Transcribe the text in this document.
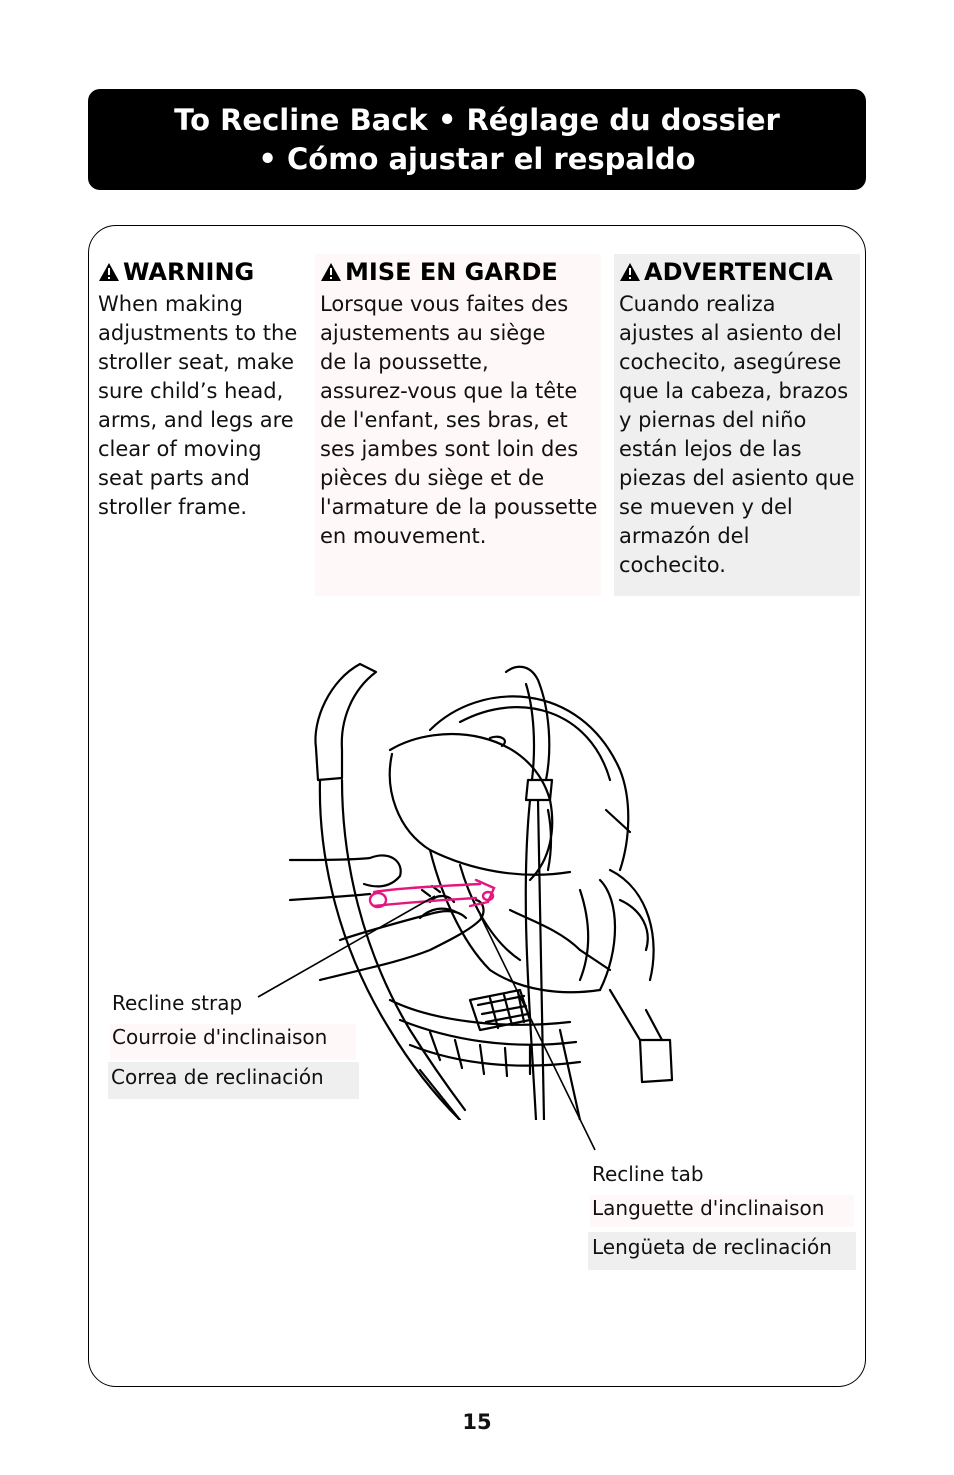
To Recline Back • Réglage du dossier
• Cómo ajustar el respaldo
WARNING
When making
adjustments to the
stroller seat, make
sure child’s head,
arms, and legs are
clear of moving
seat parts and
stroller frame.
MISE EN GARDE
Lorsque vous faites des
ajustements au siège
de la poussette,
assurez-vous que la tête
de l'enfant, ses bras, et
ses jambes sont loin des
pièces du siège et de
l'armature de la poussette
en mouvement.
ADVERTENCIA
Cuando realiza
ajustes al asiento del
cochecito, asegúrese
que la cabeza, brazos
y piernas del niño
están lejos de las
piezas del asiento que
se mueven y del
armazón del
cochecito.
Recline strap
Courroie d'inclinaison
Correa de reclinación
Recline tab
Languette d'inclinaison
Lengüeta de reclinación
15
